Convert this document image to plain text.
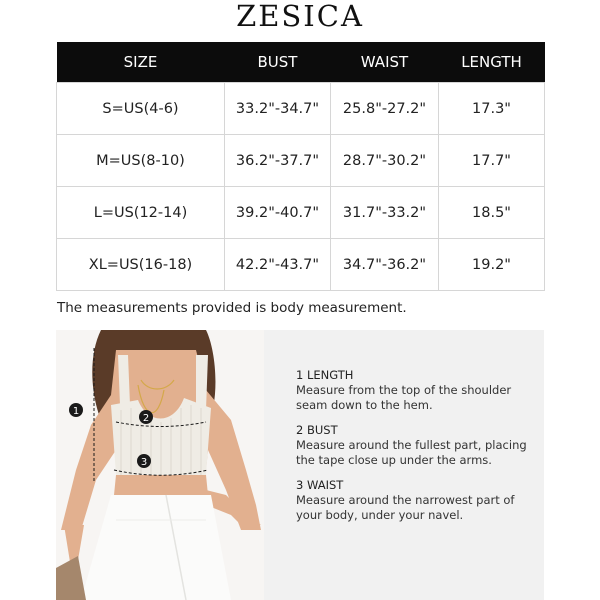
ZESICA
SIZE	BUST	WAIST	LENGTH
S=US(4-6)	33.2"-34.7"	25.8"-27.2"	17.3"
M=US(8-10)	36.2"-37.7"	28.7"-30.2"	17.7"
L=US(12-14)	39.2"-40.7"	31.7"-33.2"	18.5"
XL=US(16-18)	42.2"-43.7"	34.7"-36.2"	19.2"
The measurements provided is body measurement.
1
2
3
1 LENGTH
Measure from the top of the shoulder
seam down to the hem.
2 BUST
Measure around the fullest part, placing
the tape close up under the arms.
3 WAIST
Measure around the narrowest part of
your body, under your navel.
